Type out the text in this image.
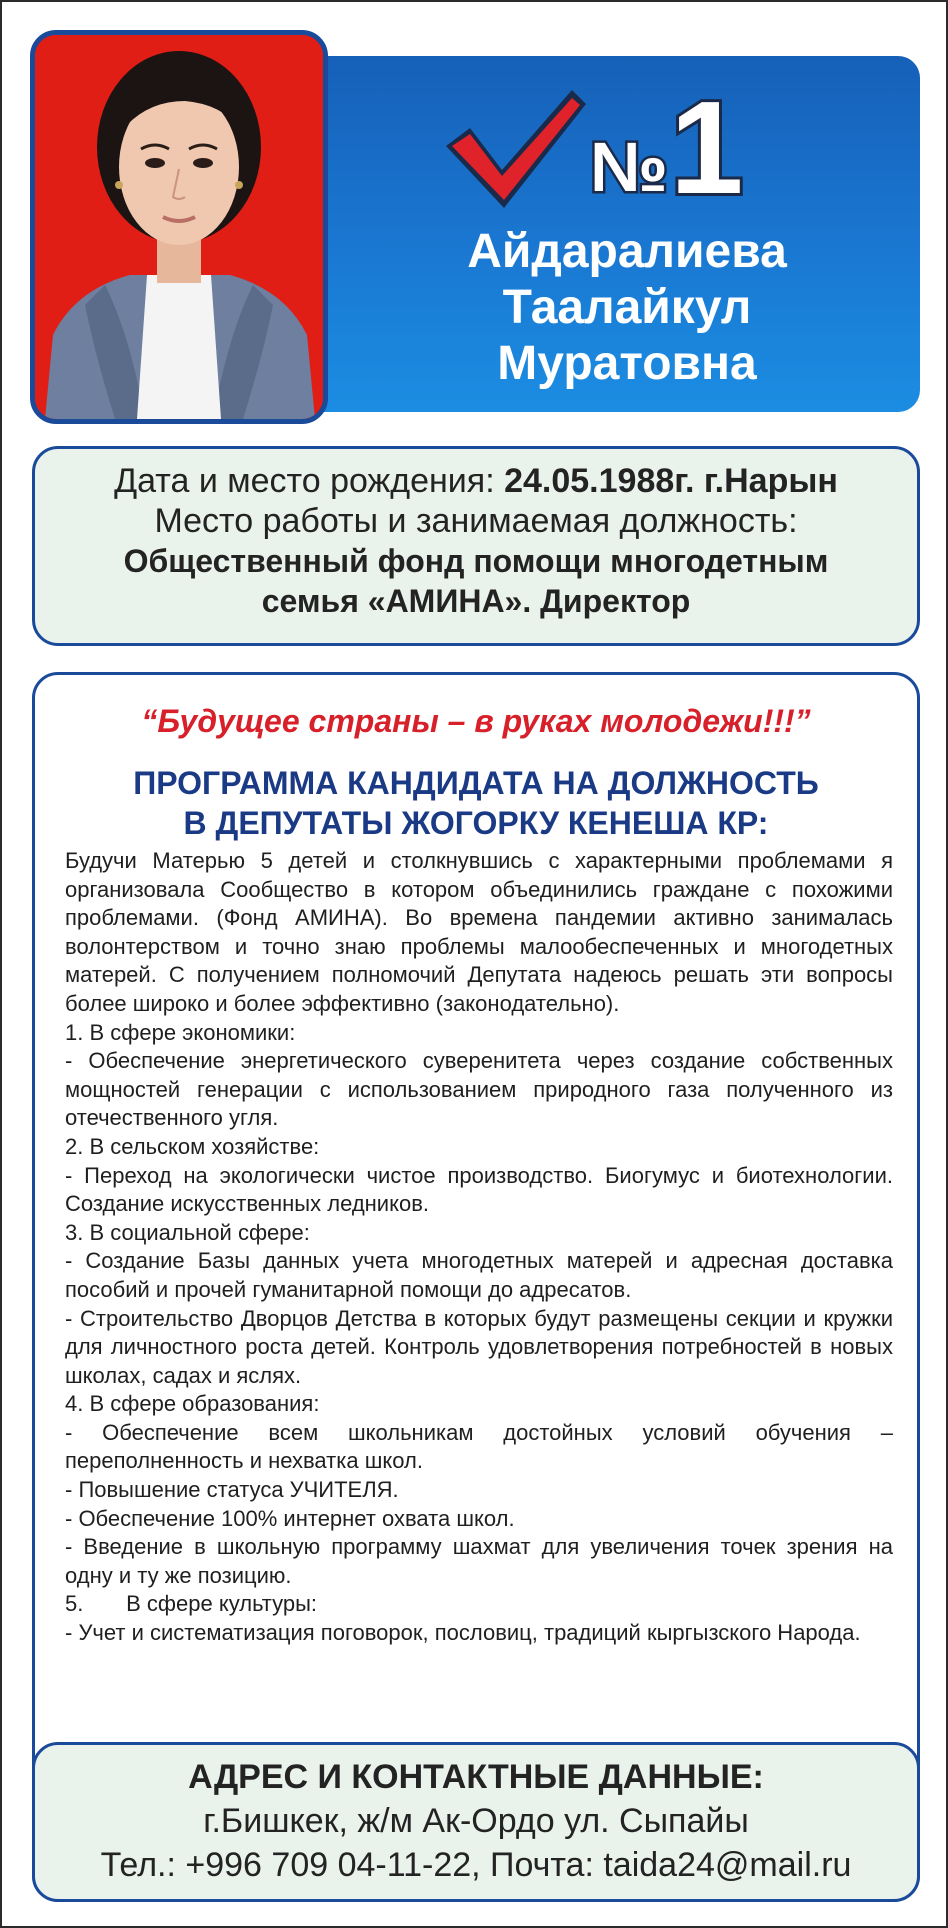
№ 1
Айдаралиева
Таалайкул
Муратовна
Дата и место рождения: 24.05.1988г. г.Нарын
Место работы и занимаемая должность:
Общественный фонд помощи многодетным
семья «АМИНА». Директор
“Будущее страны – в руках молодежи!!!”
ПРОГРАММА КАНДИДАТА НА ДОЛЖНОСТЬ
В ДЕПУТАТЫ ЖОГОРКУ КЕНЕША КР:

Будучи Матерью 5 детей и столкнувшись с характерными проблемами я организовала Сообщество в котором объединились граждане с похожими проблемами. (Фонд АМИНА). Во времена пандемии активно занималась волонтерством и точно знаю проблемы малообеспеченных и многодетных матерей. С получением полномочий Депутата надеюсь решать эти вопросы более широко и более эффективно (законодательно).

1. В сфере экономики:

- Обеспечение энергетического суверенитета через создание собственных мощностей генерации с использованием природного газа полученного из отечественного угля.

2. В сельском хозяйстве:

- Переход на экологически чистое производство. Биогумус и биотехнологии. Создание искусственных ледников.

3. В социальной сфере:

- Создание Базы данных учета многодетных матерей и адресная доставка пособий и прочей гуманитарной помощи до адресатов.

- Строительство Дворцов Детства в которых будут размещены секции и кружки для личностного роста детей. Контроль удовлетворения потребностей в новых школах, садах и яслях.

4. В сфере образования:

- Обеспечение всем школьникам достойных условий обучения – переполненность и нехватка школ.

- Повышение статуса УЧИТЕЛЯ.

- Обеспечение 100% интернет охвата школ.

- Введение в школьную программу шахмат для увеличения точек зрения на одну и ту же позицию.

5.       В сфере культуры:

- Учет и систематизация поговорок, пословиц, традиций кыргызского Народа.

АДРЕС И КОНТАКТНЫЕ ДАННЫЕ:
г.Бишкек, ж/м Ак-Ордо ул. Сыпайы
Тел.: +996 709 04-11-22, Почта: taida24@mail.ru
